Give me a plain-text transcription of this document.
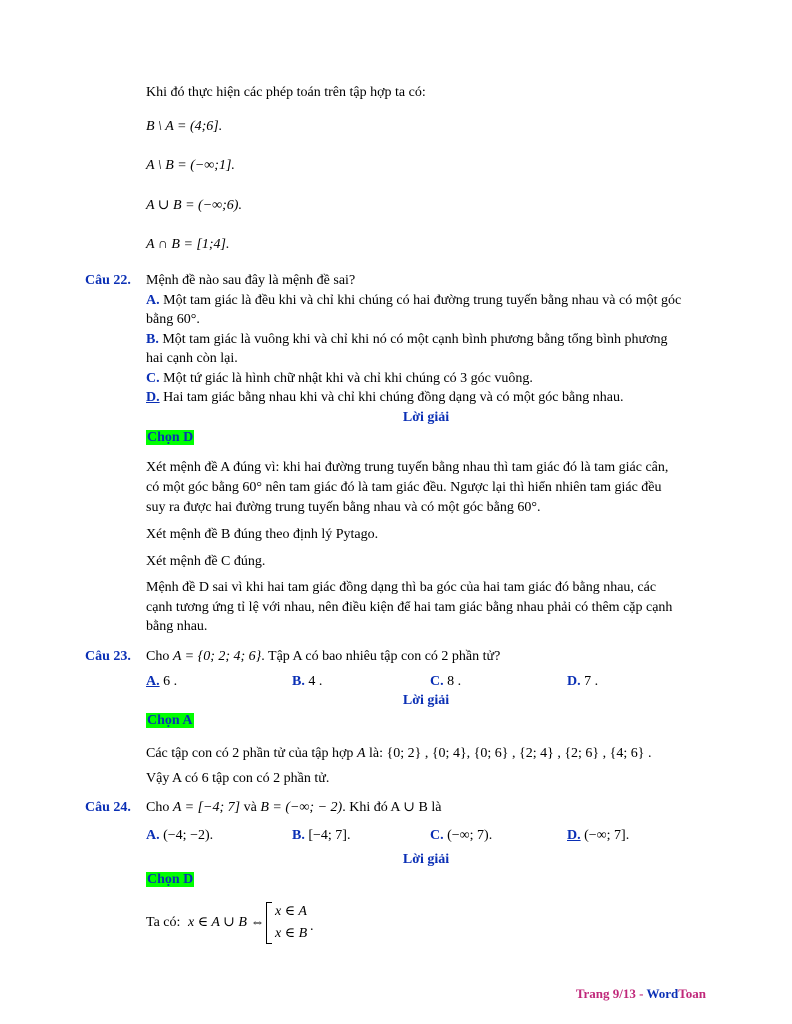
Khi đó thực hiện các phép toán trên tập hợp ta có:
B \ A = (4;6].
A \ B = (−∞;1].
A ∪ B = (−∞;6).
A ∩ B = [1;4].
Câu 22. Mệnh đề nào sau đây là mệnh đề sai?
A. Một tam giác là đều khi và chỉ khi chúng có hai đường trung tuyến bằng nhau và có một góc
bằng 60°.
B. Một tam giác là vuông khi và chỉ khi nó có một cạnh bình phương bằng tổng bình phương
hai cạnh còn lại.
C. Một tứ giác là hình chữ nhật khi và chỉ khi chúng có 3 góc vuông.
D. Hai tam giác bằng nhau khi và chỉ khi chúng đồng dạng và có một góc bằng nhau.
Lời giải
Chọn D
Xét mệnh đề A đúng vì: khi hai đường trung tuyến bằng nhau thì tam giác đó là tam giác cân,
có một góc bằng 60° nên tam giác đó là tam giác đều. Ngược lại thì hiển nhiên tam giác đều
suy ra được hai đường trung tuyến bằng nhau và có một góc bằng 60°.
Xét mệnh đề B đúng theo định lý Pytago.
Xét mệnh đề C đúng.
Mệnh đề D sai vì khi hai tam giác đồng dạng thì ba góc của hai tam giác đó bằng nhau, các
cạnh tương ứng tỉ lệ với nhau, nên điều kiện để hai tam giác bằng nhau phải có thêm cặp cạnh
bằng nhau.
Câu 23. Cho A = {0; 2; 4; 6}. Tập A có bao nhiêu tập con có 2 phần tử?
A. 6 .	B. 4 .	C. 8 .	D. 7 .
Lời giải
Chọn A
Các tập con có 2 phần tử của tập hợp A là: {0; 2} , {0; 4}, {0; 6} , {2; 4} , {2; 6} , {4; 6} .
Vậy A có 6 tập con có 2 phần tử.
Câu 24. Cho A = [−4; 7] và B = (−∞; − 2). Khi đó A ∪ B là
A. (−4; −2).	B. [−4; 7].	C. (−∞; 7).	D. (−∞; 7].
Lời giải
Chọn D
Ta có: x ∈ A ∪ B ⇔
x ∈ A
x ∈ B .
Trang 9/13 - WordToan
